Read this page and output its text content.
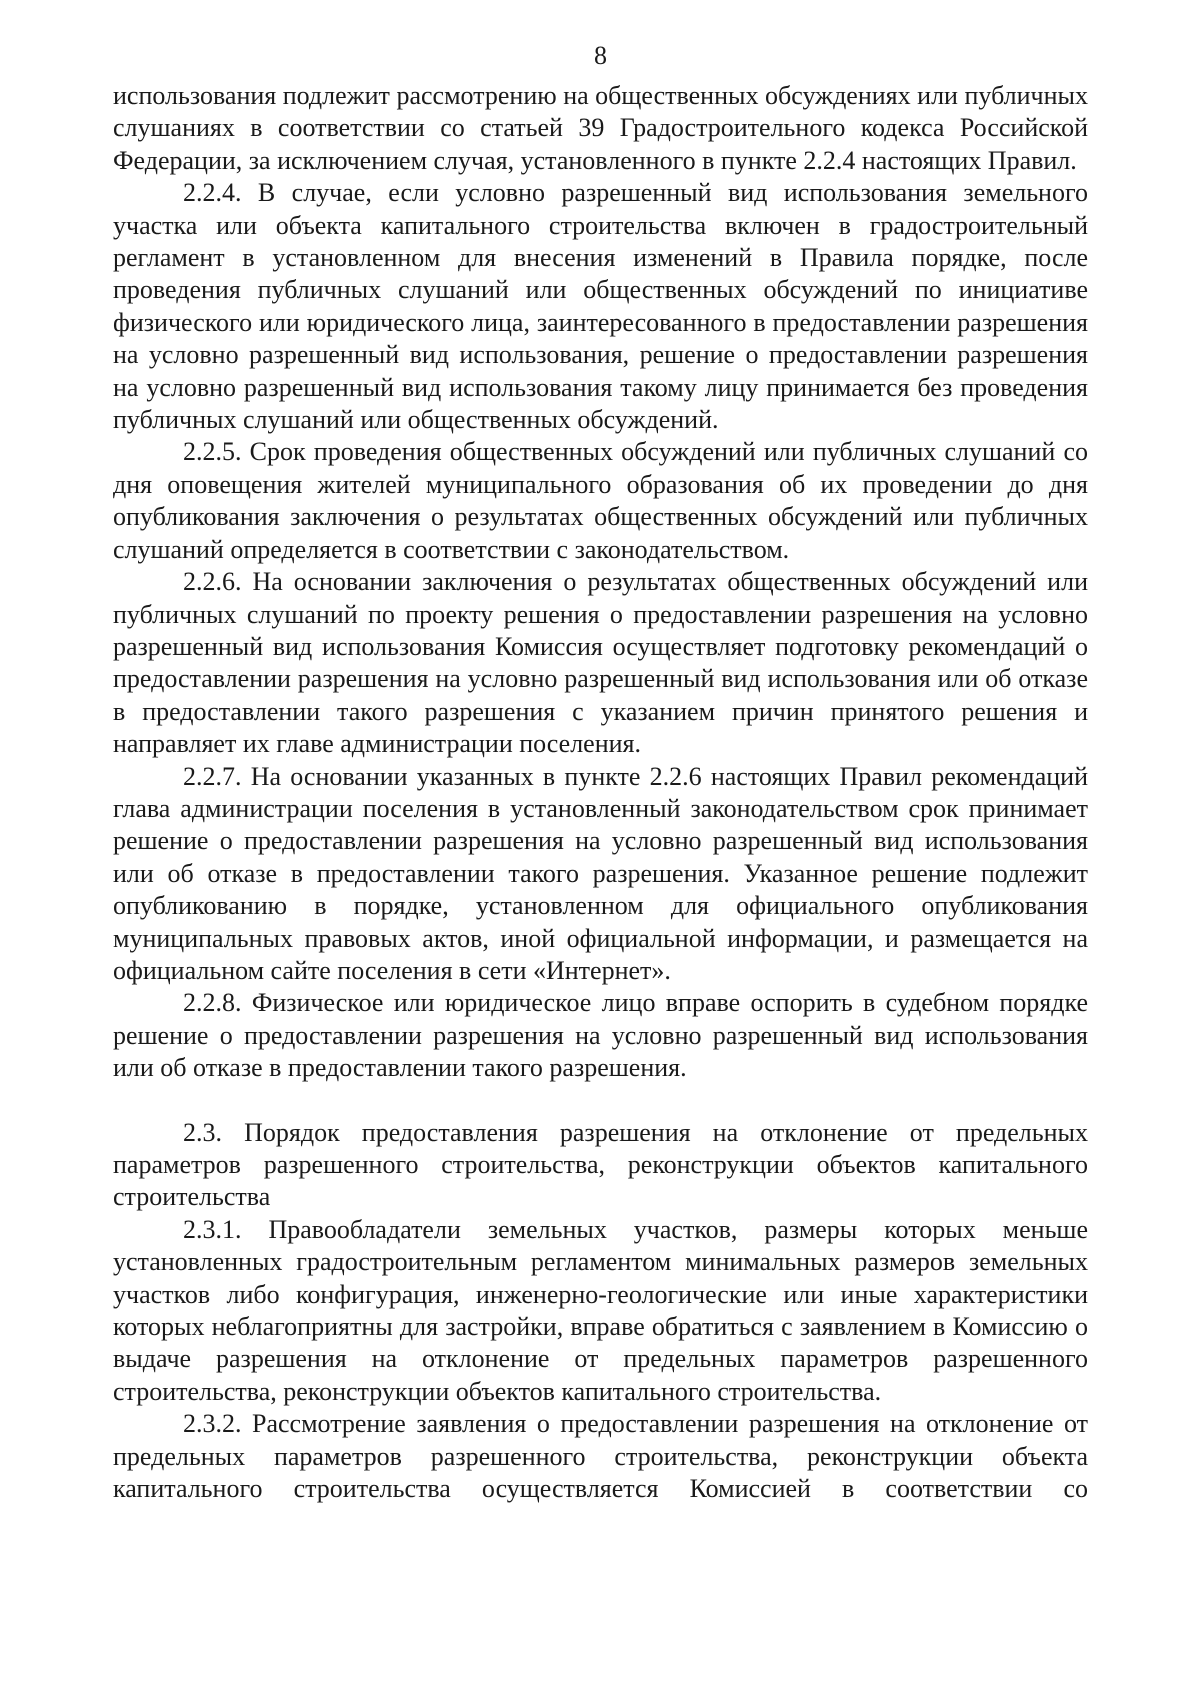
8

использования подлежит рассмотрению на общественных обсуждениях или публичных слушаниях в соответствии со статьей 39 Градостроительного кодекса Российской Федерации, за исключением случая, установленного в пункте 2.2.4 настоящих Правил.

2.2.4. В случае, если условно разрешенный вид использования земельного участка или объекта капитального строительства включен в градостроительный регламент в установленном для внесения изменений в Правила порядке, после проведения публичных слушаний или общественных обсуждений по инициативе физического или юридического лица, заинтересованного в предоставлении разрешения на условно разрешенный вид использования, решение о предоставлении разрешения на условно разрешенный вид использования такому лицу принимается без проведения публичных слушаний или общественных обсуждений.

2.2.5. Срок проведения общественных обсуждений или публичных слушаний со дня оповещения жителей муниципального образования об их проведении до дня опубликования заключения о результатах общественных обсуждений или публичных слушаний определяется в соответствии с законодательством.

2.2.6. На основании заключения о результатах общественных обсуждений или публичных слушаний по проекту решения о предоставлении разрешения на условно разрешенный вид использования Комиссия осуществляет подготовку рекомендаций о предоставлении разрешения на условно разрешенный вид использования или об отказе в предоставлении такого разрешения с указанием причин принятого решения и направляет их главе администрации поселения.

2.2.7. На основании указанных в пункте 2.2.6 настоящих Правил рекомендаций глава администрации поселения в установленный законодательством срок принимает решение о предоставлении разрешения на условно разрешенный вид использования или об отказе в предоставлении такого разрешения. Указанное решение подлежит опубликованию в порядке, установленном для официального опубликования муниципальных правовых актов, иной официальной информации, и размещается на официальном сайте поселения в сети «Интернет».

2.2.8. Физическое или юридическое лицо вправе оспорить в судебном порядке решение о предоставлении разрешения на условно разрешенный вид использования или об отказе в предоставлении такого разрешения.

2.3. Порядок предоставления разрешения на отклонение от предельных параметров разрешенного строительства, реконструкции объектов капитального строительства

2.3.1. Правообладатели земельных участков, размеры которых меньше установленных градостроительным регламентом минимальных размеров земельных участков либо конфигурация, инженерно-геологические или иные характеристики которых неблагоприятны для застройки, вправе обратиться с заявлением в Комиссию о выдаче разрешения на отклонение от предельных параметров разрешенного строительства, реконструкции объектов капитального строительства.

2.3.2. Рассмотрение заявления о предоставлении разрешения на отклонение от предельных параметров разрешенного строительства, реконструкции объекта капитального строительства осуществляется Комиссией в соответствии со
